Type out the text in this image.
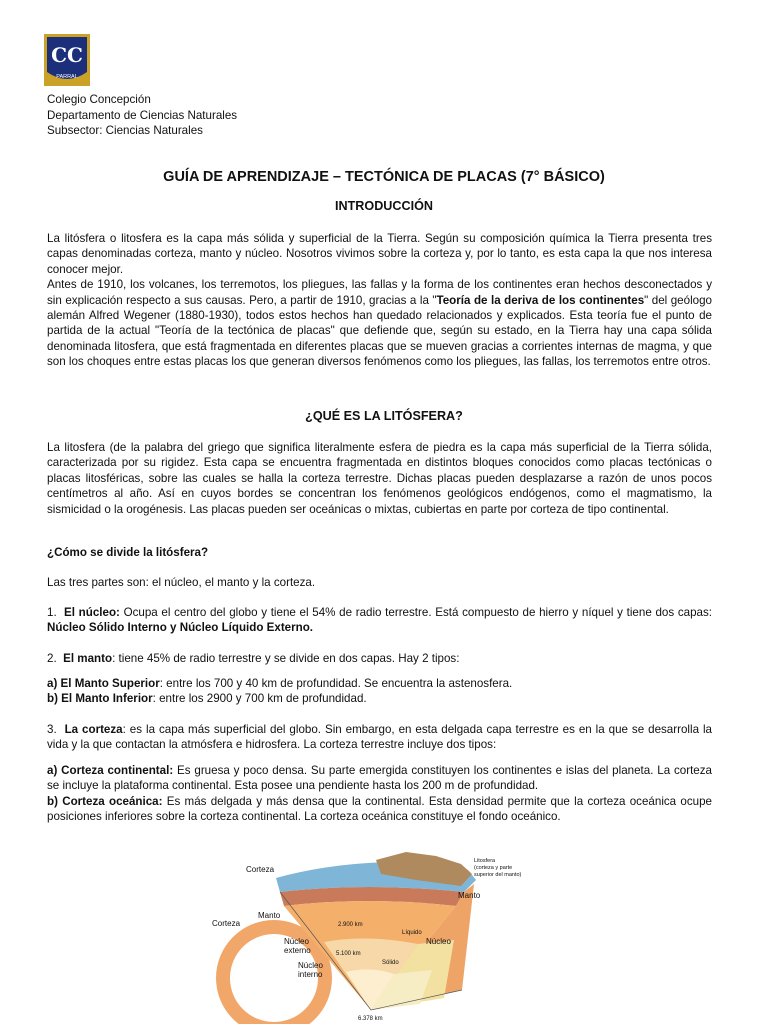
CC
PARRAL
Colegio Concepción
Departamento de Ciencias Naturales
Subsector: Ciencias Naturales
GUÍA DE APRENDIZAJE – TECTÓNICA DE PLACAS (7° BÁSICO)
INTRODUCCIÓN

La litósfera o litosfera es la capa más sólida y superficial de la Tierra. Según su composición química la Tierra presenta tres capas denominadas corteza, manto y núcleo. Nosotros vivimos sobre la corteza y, por lo tanto, es esta capa la que nos interesa conocer mejor.

Antes de 1910, los volcanes, los terremotos, los pliegues, las fallas y la forma de los continentes eran hechos desconectados y sin explicación respecto a sus causas. Pero, a partir de 1910, gracias a la "Teoría de la deriva de los continentes" del geólogo alemán Alfred Wegener (1880-1930), todos estos hechos han quedado relacionados y explicados. Esta teoría fue el punto de partida de la actual "Teoría de la tectónica de placas" que defiende que, según su estado, en la Tierra hay una capa sólida denominada litosfera, que está fragmentada en diferentes placas que se mueven gracias a corrientes internas de magma, y que son los choques entre estas placas los que generan diversos fenómenos como los pliegues, las fallas, los terremotos entre otros.

¿QUÉ ES LA LITÓSFERA?
La litosfera (de la palabra del griego que significa literalmente esfera de piedra es la capa más superficial de la Tierra sólida, caracterizada por su rigidez. Esta capa se encuentra fragmentada en distintos bloques conocidos como placas tectónicas o placas litosféricas, sobre las cuales se halla la corteza terrestre. Dichas placas pueden desplazarse a razón de unos pocos centímetros al año. Así en cuyos bordes se concentran los fenómenos geológicos endógenos, como el magmatismo, la sismicidad o la orogénesis. Las placas pueden ser oceánicas o mixtas, cubiertas en parte por corteza de tipo continental.
¿Cómo se divide la litósfera?
Las tres partes son: el núcleo, el manto y la corteza.
1. El núcleo: Ocupa el centro del globo y tiene el 54% de radio terrestre. Está compuesto de hierro y níquel y tiene dos capas: Núcleo Sólido Interno y Núcleo Líquido Externo.
2. El manto: tiene 45% de radio terrestre y se divide en dos capas. Hay 2 tipos:
a) El Manto Superior: entre los 700 y 40 km de profundidad. Se encuentra la astenosfera.
b) El Manto Inferior: entre los 2900 y 700 km de profundidad.
3. La corteza: es la capa más superficial del globo. Sin embargo, en esta delgada capa terrestre es en la que se desarrolla la vida y la que contactan la atmósfera e hidrosfera. La corteza terrestre incluye dos tipos:

a) Corteza continental: Es gruesa y poco densa. Su parte emergida constituyen los continentes e islas del planeta. La corteza se incluye la plataforma continental. Esta posee una pendiente hasta los 200 m de profundidad.

b) Corteza oceánica: Es más delgada y más densa que la continental. Esta densidad permite que la corteza oceánica ocupe posiciones inferiores sobre la corteza continental. La corteza oceánica constituye el fondo oceánico.

Corteza
Corteza
Manto
Manto
Litosfera
(corteza y parte
superior del manto)
2.900 km
Líquido
Núcleo
externo
Núcleo
5.100 km
Sólido
Núcleo
interno
6.378 km
